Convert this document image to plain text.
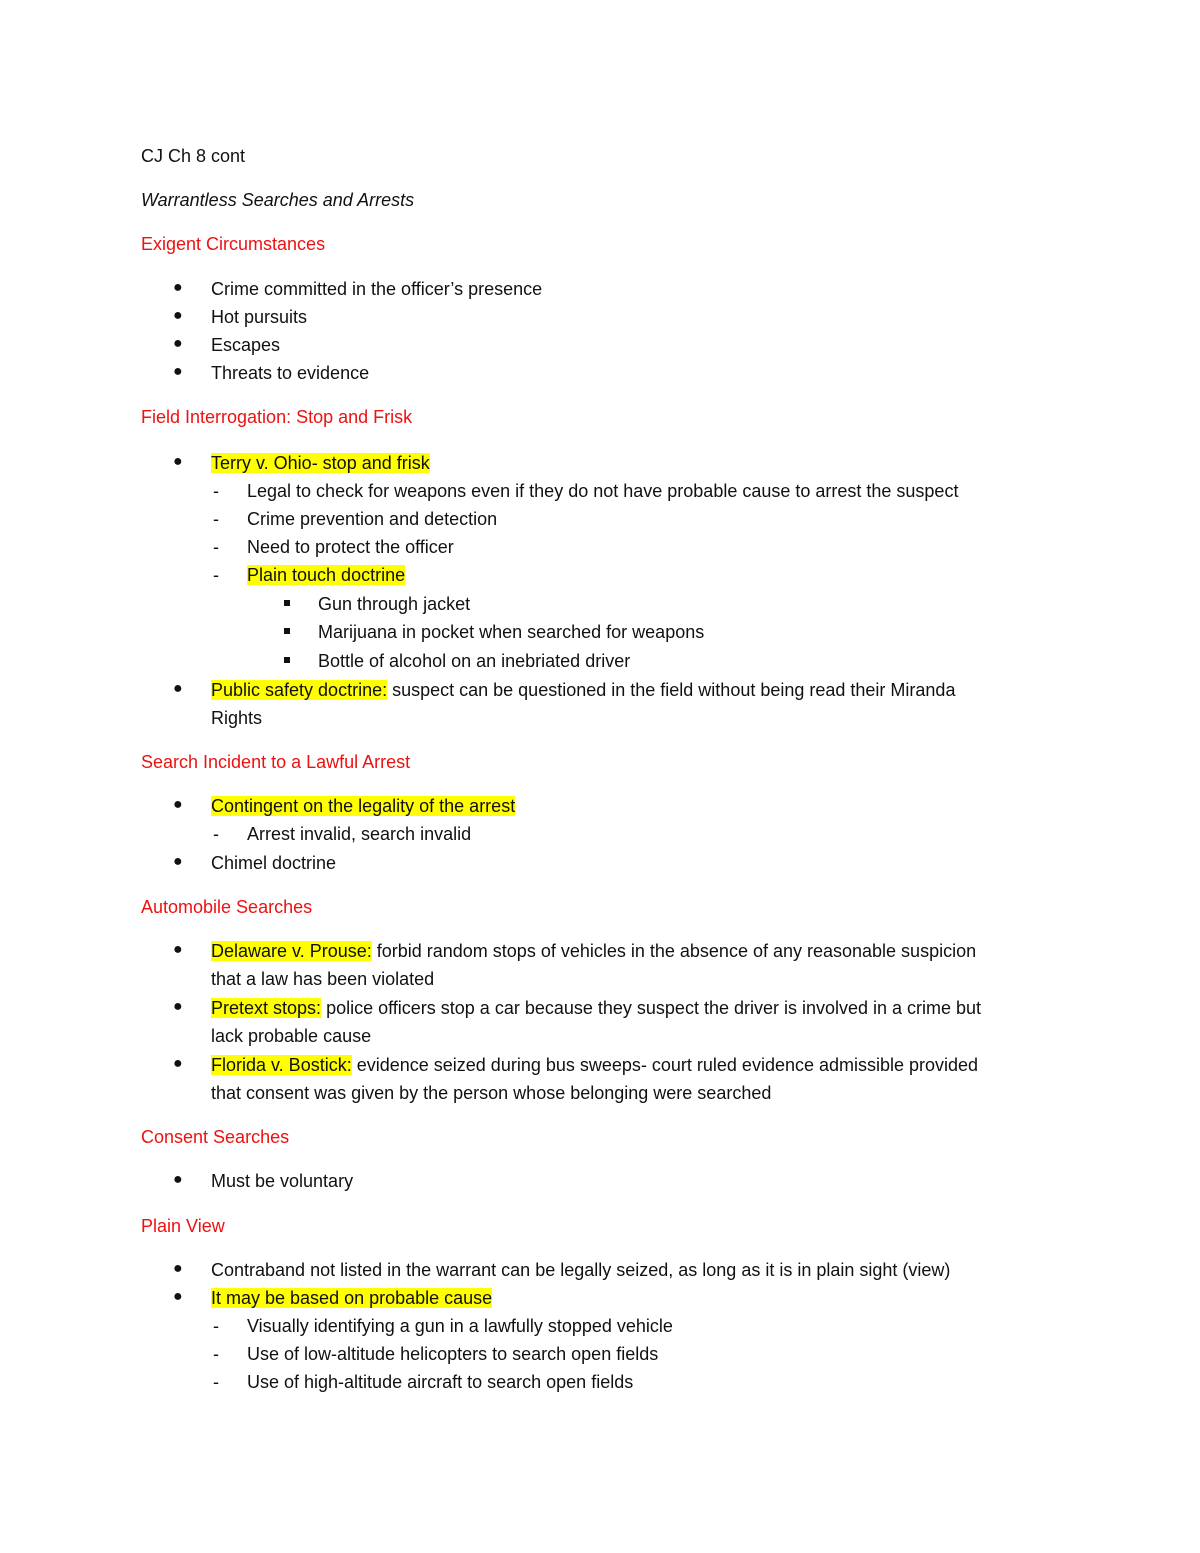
CJ Ch 8 cont
Warrantless Searches and Arrests
Exigent Circumstances
● Crime committed in the officer’s presence
● Hot pursuits
● Escapes
● Threats to evidence
Field Interrogation: Stop and Frisk
● Terry v. Ohio- stop and frisk
- Legal to check for weapons even if they do not have probable cause to arrest the suspect
- Crime prevention and detection
- Need to protect the officer
- Plain touch doctrine
Gun through jacket
Marijuana in pocket when searched for weapons
Bottle of alcohol on an inebriated driver
● Public safety doctrine: suspect can be questioned in the field without being read their Miranda
Rights
Search Incident to a Lawful Arrest
● Contingent on the legality of the arrest
- Arrest invalid, search invalid
● Chimel doctrine
Automobile Searches
● Delaware v. Prouse: forbid random stops of vehicles in the absence of any reasonable suspicion
that a law has been violated
● Pretext stops: police officers stop a car because they suspect the driver is involved in a crime but
lack probable cause
● Florida v. Bostick: evidence seized during bus sweeps- court ruled evidence admissible provided
that consent was given by the person whose belonging were searched
Consent Searches
● Must be voluntary
Plain View
● Contraband not listed in the warrant can be legally seized, as long as it is in plain sight (view)
● It may be based on probable cause
- Visually identifying a gun in a lawfully stopped vehicle
- Use of low-altitude helicopters to search open fields
- Use of high-altitude aircraft to search open fields
